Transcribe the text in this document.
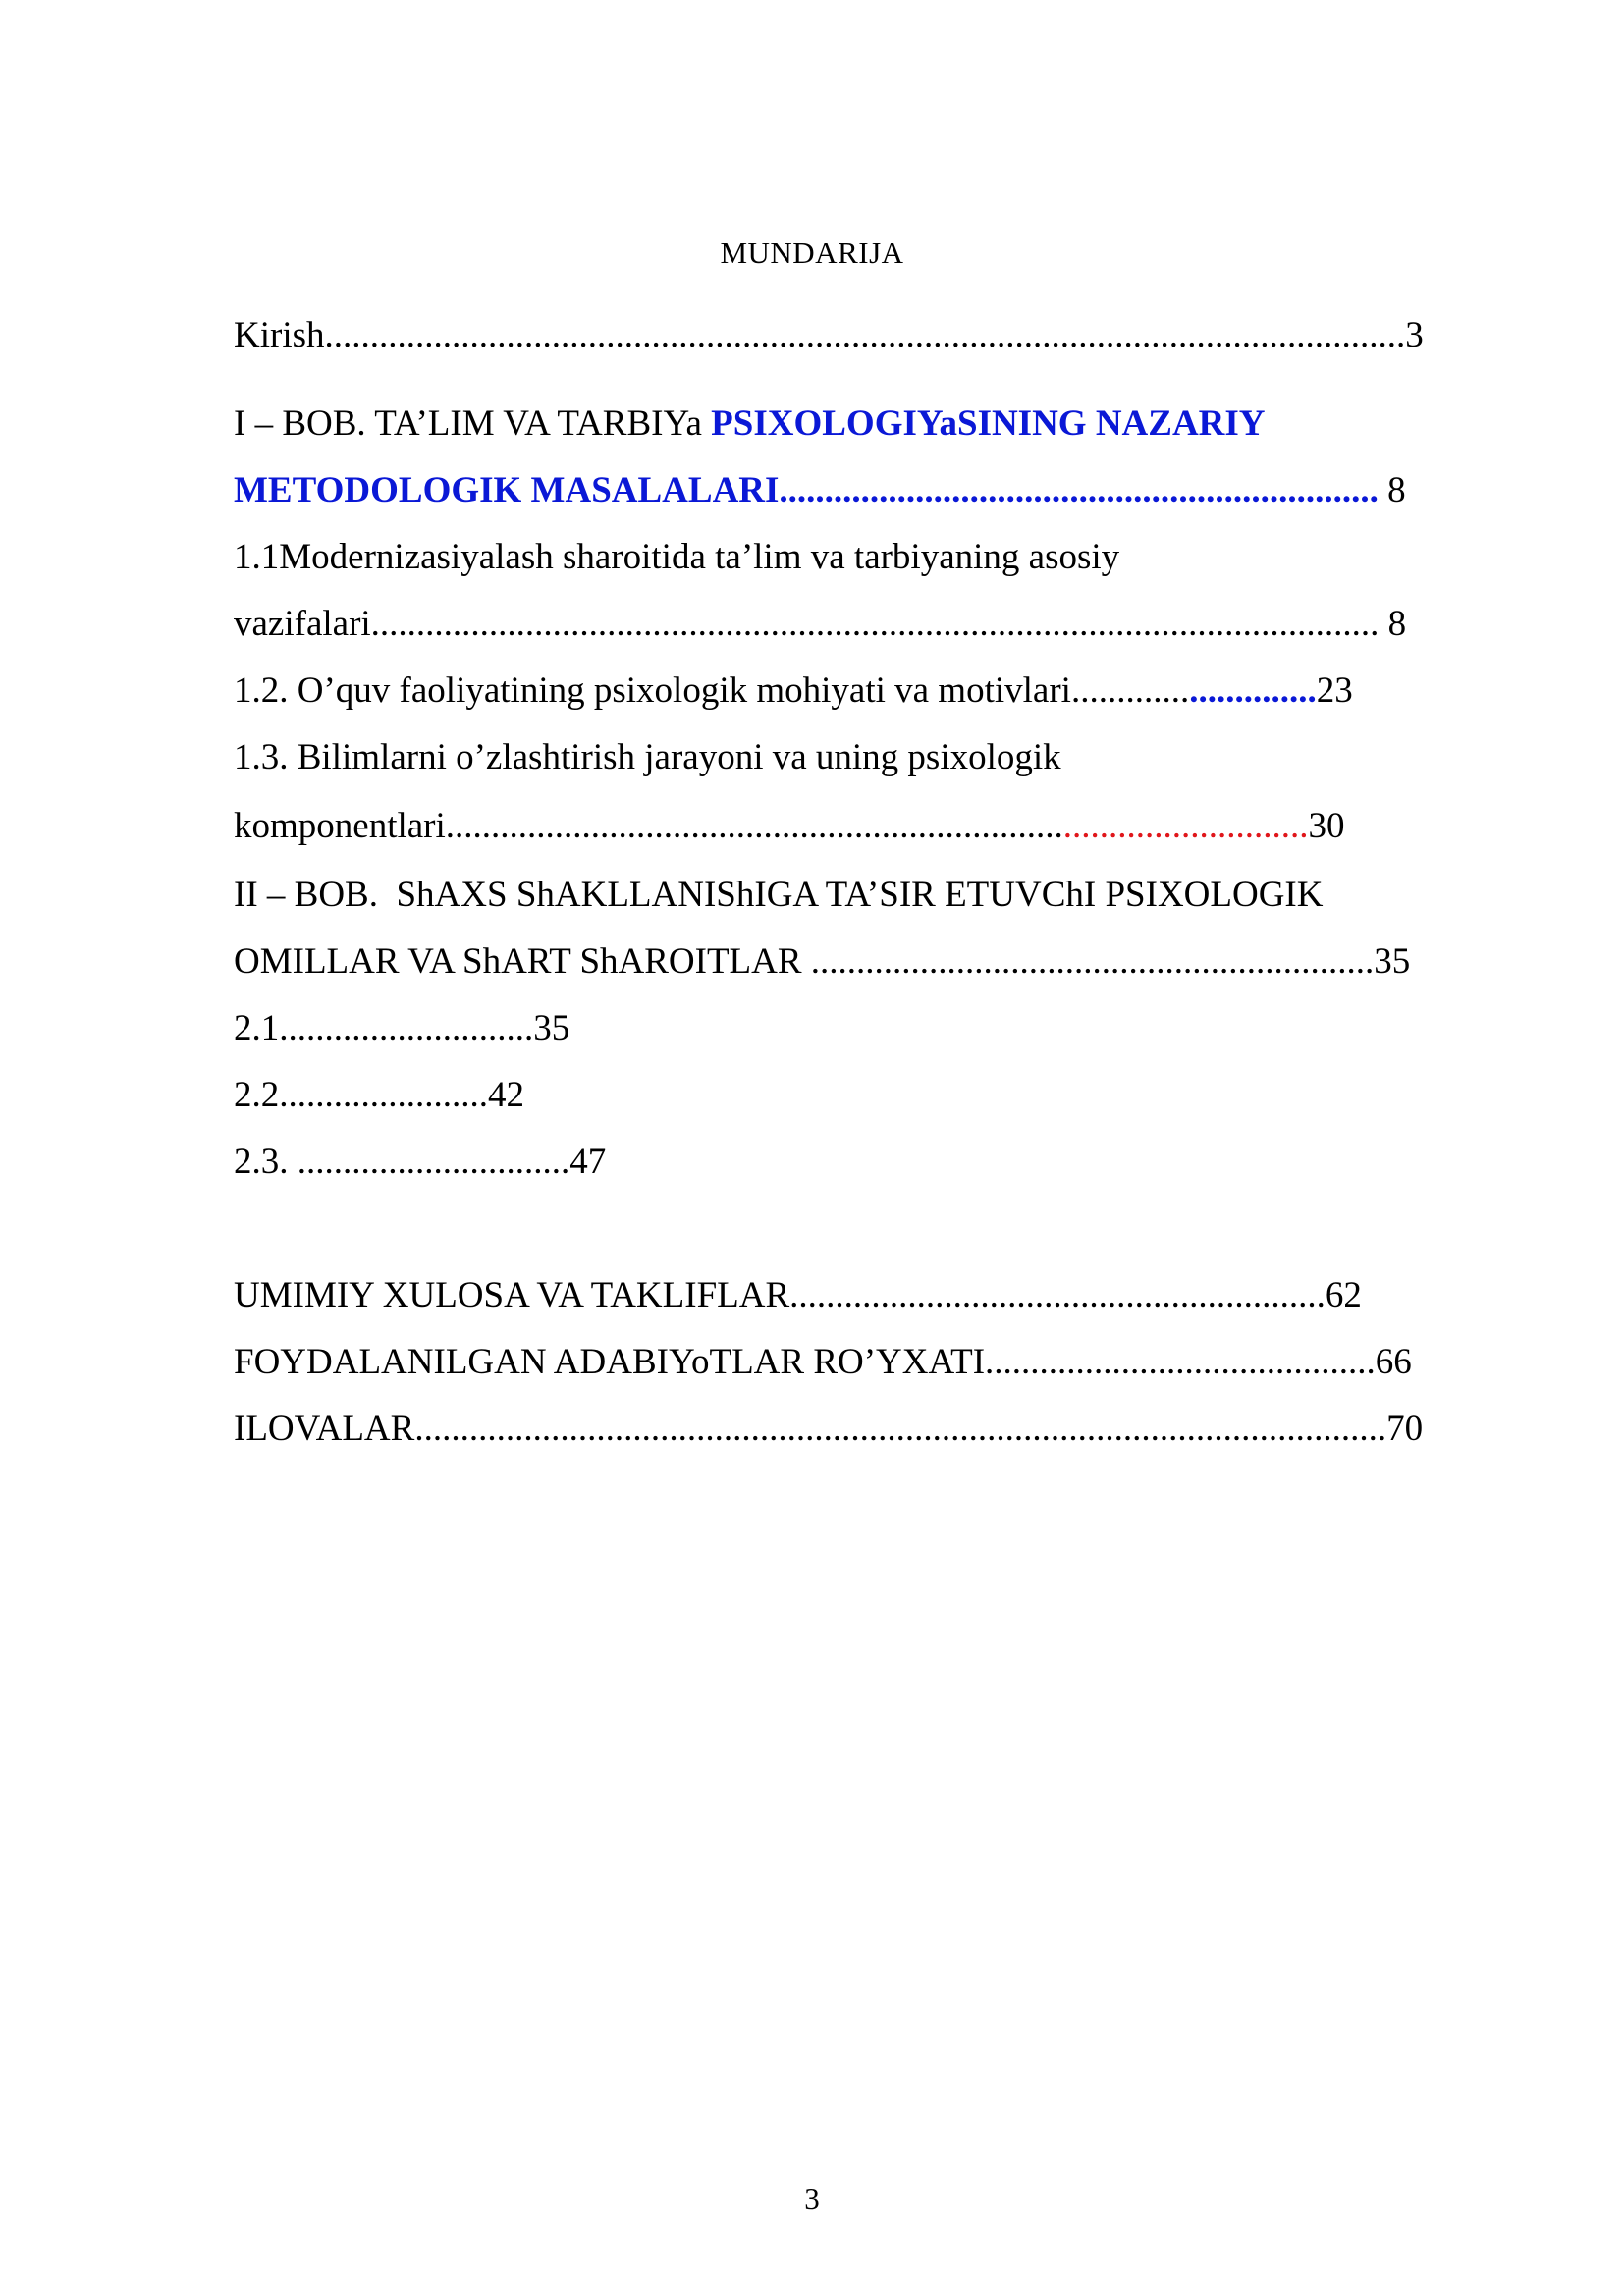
MUNDARIJA
Kirish.......................................................................................................................3
I – BOB. TA’LIM VA TARBIYa PSIXOLOGIYaSINING NAZARIY
METODOLOGIK MASALALARI.................................................................. 8
1.1Modernizasiyalash sharoitida ta’lim va tarbiyaning asosiy
vazifalari............................................................................................................... 8
1.2. O’quv faoliyatining psixologik mohiyati va motivlari...........................23
1.3. Bilimlarni o’zlashtirish jarayoni va uning psixologik
komponentlari...............................................................................................30
II – BOB.  ShAXS ShAKLLANIShIGA TA’SIR ETUVChI PSIXOLOGIK
OMILLAR VA ShART ShAROITLAR ..............................................................35
2.1............................35
2.2.......................42
2.3. ..............................47
UMIMIY XULOSA VA TAKLIFLAR...........................................................62
FOYDALANILGAN ADABIYoTLAR RO’YXATI...........................................66
ILOVALAR...........................................................................................................70
3
